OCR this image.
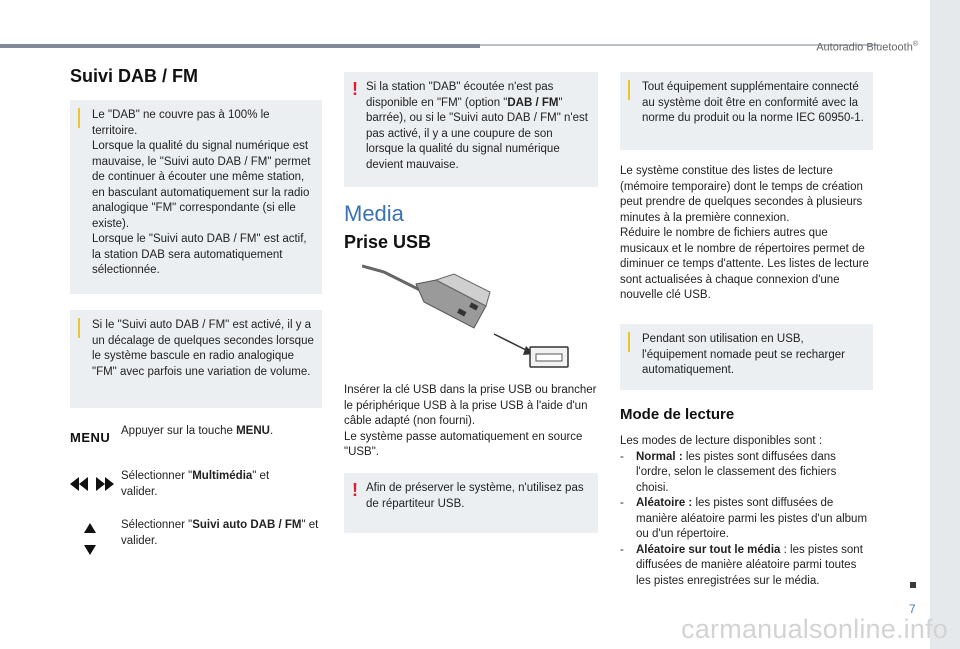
Autoradio Bluetooth®
7
carmanualsonline.info
Suivi DAB / FM
Le "DAB" ne couvre pas à 100% le territoire.
Lorsque la qualité du signal numérique est mauvaise, le "Suivi auto DAB / FM" permet de continuer à écouter une même station, en basculant automatiquement sur la radio analogique "FM" correspondante (si elle existe).
Lorsque le "Suivi auto DAB / FM" est actif, la station DAB sera automatiquement sélectionnée.
Si le "Suivi auto DAB / FM" est activé, il y a un décalage de quelques secondes lorsque le système bascule en radio analogique "FM" avec parfois une variation de volume.
MENU Appuyer sur la touche MENU.
Sélectionner "Multimédia" et valider.
Sélectionner "Suivi auto DAB / FM" et valider.
! Si la station "DAB" écoutée n'est pas disponible en "FM" (option "DAB / FM" barrée), ou si le "Suivi auto DAB / FM" n'est pas activé, il y a une coupure de son lorsque la qualité du signal numérique devient mauvaise.
Media
Prise USB
Insérer la clé USB dans la prise USB ou brancher le périphérique USB à la prise USB à l'aide d'un câble adapté (non fourni).
Le système passe automatiquement en source "USB".
! Afin de préserver le système, n'utilisez pas de répartiteur USB.
Tout équipement supplémentaire connecté au système doit être en conformité avec la norme du produit ou la norme IEC 60950-1.
Le système constitue des listes de lecture (mémoire temporaire) dont le temps de création peut prendre de quelques secondes à plusieurs minutes à la première connexion.
Réduire le nombre de fichiers autres que musicaux et le nombre de répertoires permet de diminuer ce temps d'attente. Les listes de lecture sont actualisées à chaque connexion d'une nouvelle clé USB.
Pendant son utilisation en USB, l'équipement nomade peut se recharger automatiquement.
Mode de lecture
Les modes de lecture disponibles sont :
- Normal : les pistes sont diffusées dans l'ordre, selon le classement des fichiers choisi.
- Aléatoire : les pistes sont diffusées de manière aléatoire parmi les pistes d'un album ou d'un répertoire.
- Aléatoire sur tout le média : les pistes sont diffusées de manière aléatoire parmi toutes les pistes enregistrées sur le média.
